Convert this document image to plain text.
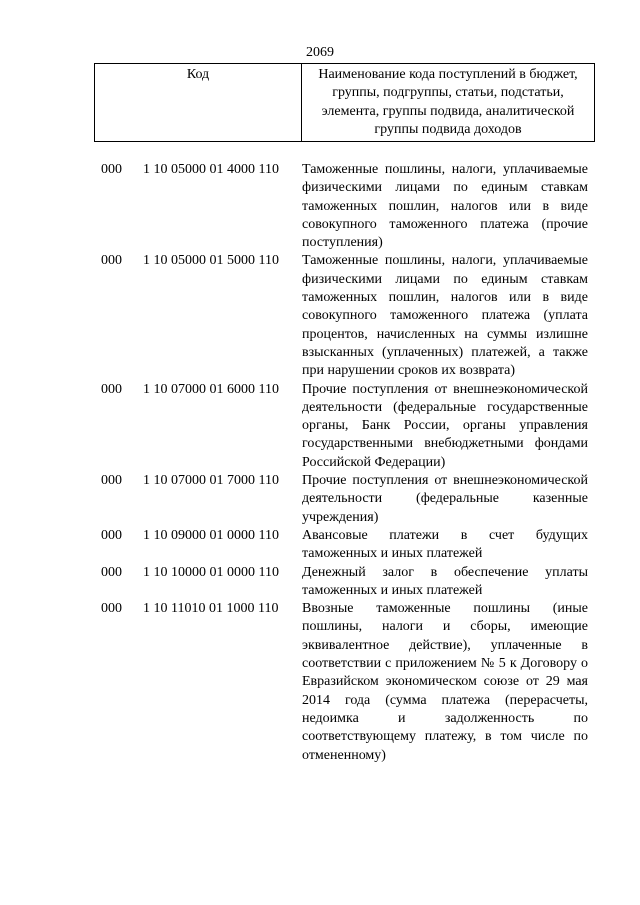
2069
Код	Наименование кода поступлений в бюджет, группы, подгруппы, статьи, подстатьи, элемента, группы подвида, аналитической группы подвида доходов
000	1 10 05000 01 4000 110	Таможенные пошлины, налоги, уплачиваемые физическими лицами по единым ставкам таможенных пошлин, налогов или в виде совокупного таможенного платежа (прочие поступления)
000	1 10 05000 01 5000 110	Таможенные пошлины, налоги, уплачиваемые физическими лицами по единым ставкам таможенных пошлин, налогов или в виде совокупного таможенного платежа (уплата процентов, начисленных на суммы излишне взысканных (уплаченных) платежей, а также при нарушении сроков их возврата)
000	1 10 07000 01 6000 110	Прочие поступления от внешнеэкономической деятельности (федеральные государственные органы, Банк России, органы управления государственными внебюджетными фондами Российской Федерации)
000	1 10 07000 01 7000 110	Прочие поступления от внешнеэкономической деятельности (федеральные казенные учреждения)
000	1 10 09000 01 0000 110	Авансовые платежи в счет будущих таможенных и иных платежей
000	1 10 10000 01 0000 110	Денежный залог в обеспечение уплаты таможенных и иных платежей
000	1 10 11010 01 1000 110	Ввозные таможенные пошлины (иные пошлины, налоги и сборы, имеющие эквивалентное действие), уплаченные в соответствии с приложением № 5 к Договору о Евразийском экономическом союзе от 29 мая 2014 года (сумма платежа (перерасчеты, недоимка и задолженность по соответствующему платежу, в том числе по отмененному)
